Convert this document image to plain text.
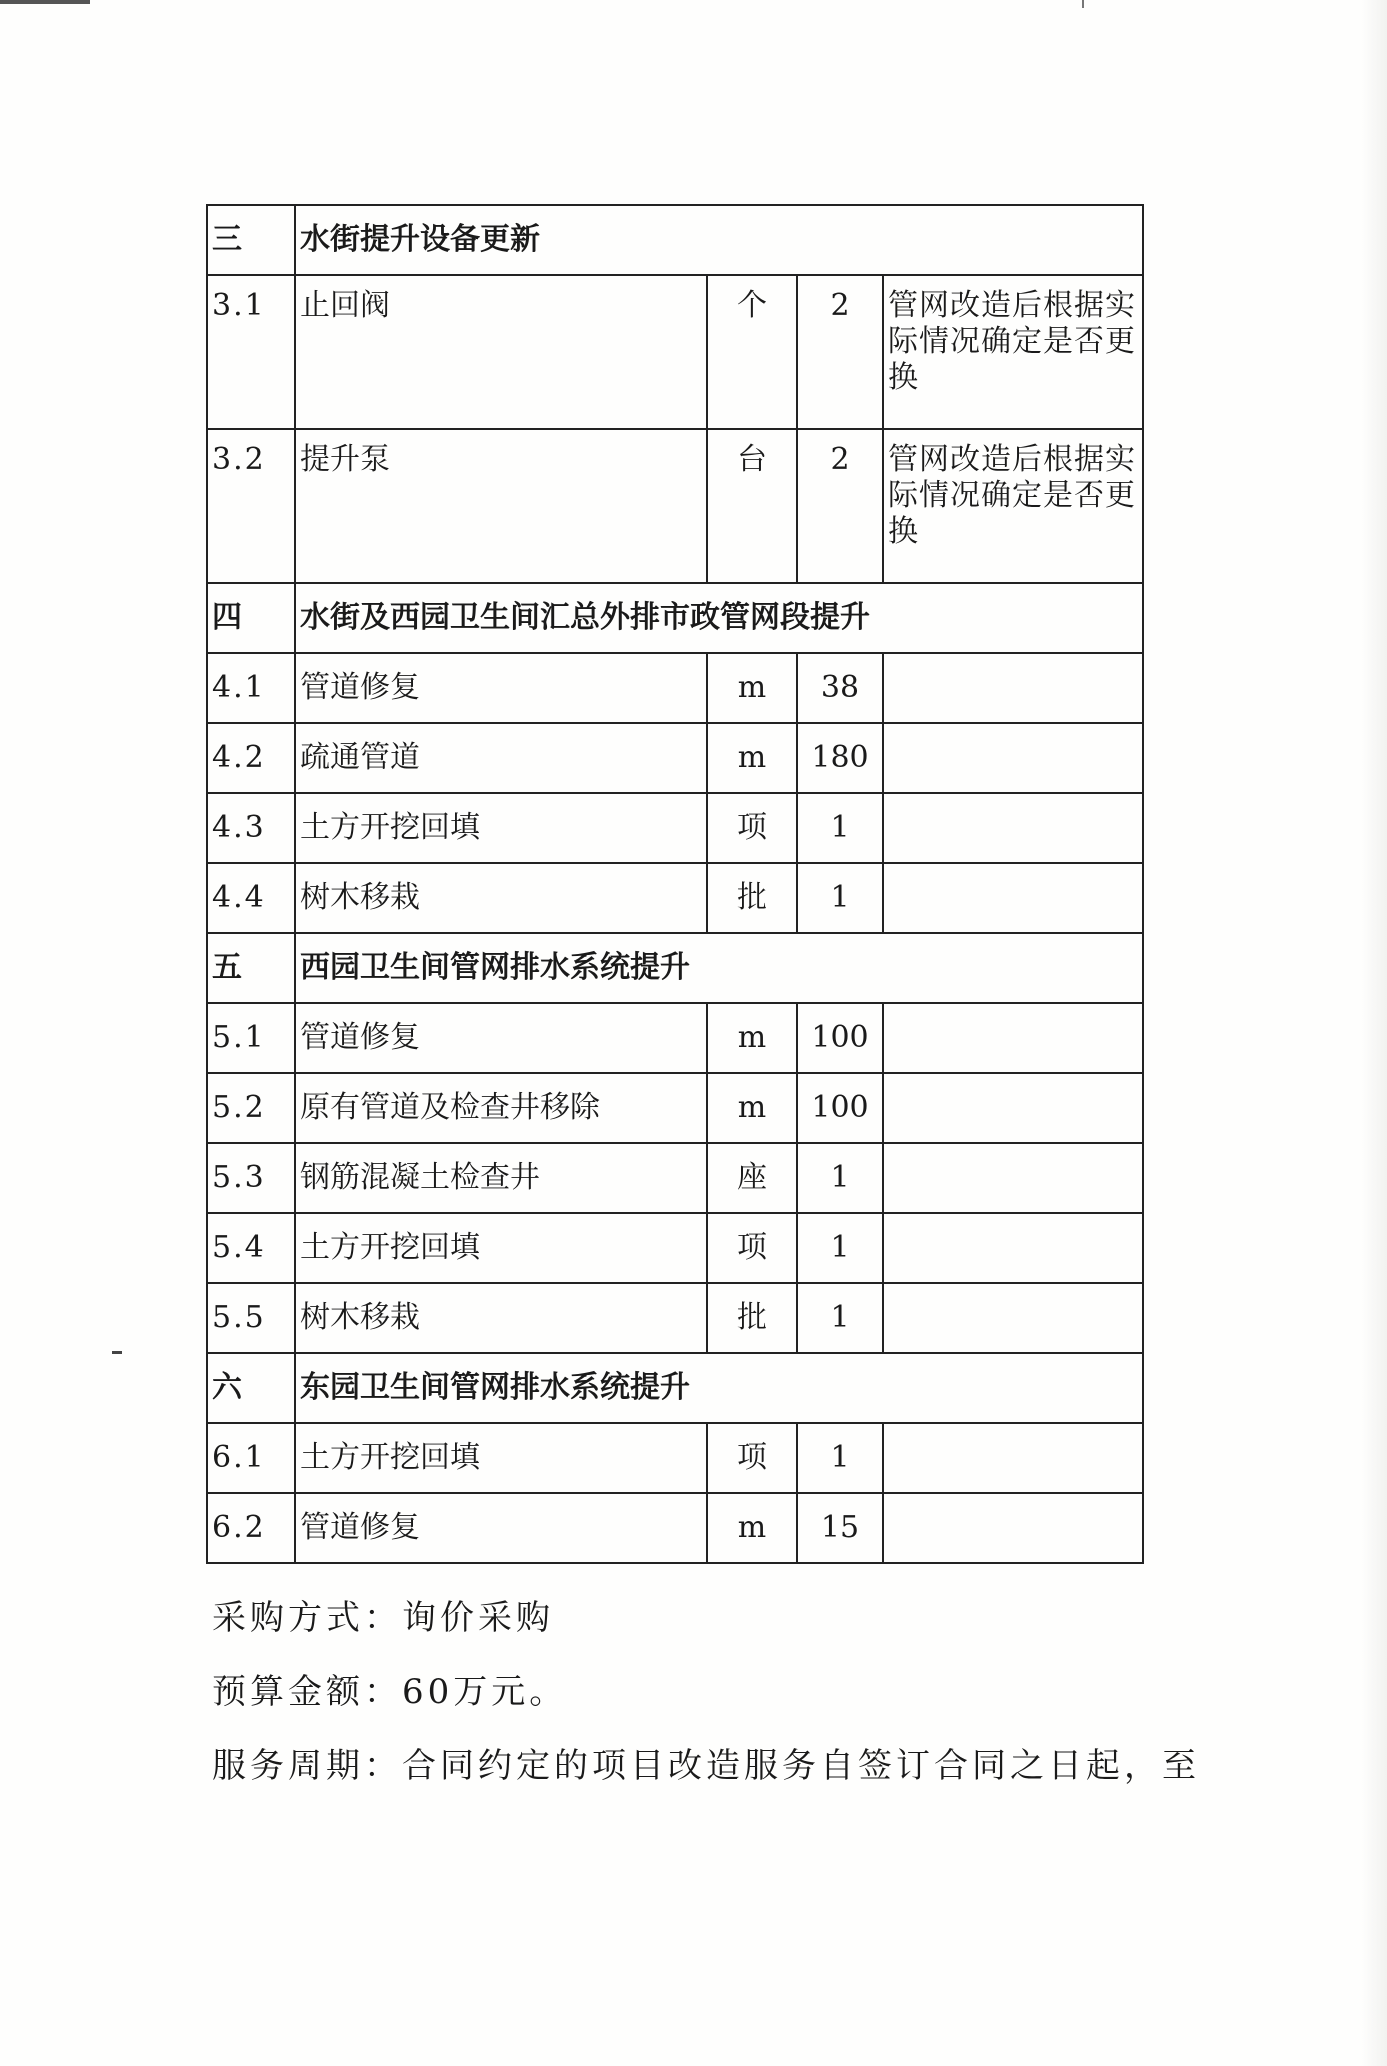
三	水街提升设备更新			
3.1	止回阀	个	2	管网改造后根据实际情况确定是否更换
3.2	提升泵	台	2	管网改造后根据实际情况确定是否更换
四	水街及西园卫生间汇总外排市政管网段提升			
4.1	管道修复	m	38	
4.2	疏通管道	m	180	
4.3	土方开挖回填	项	1	
4.4	树木移栽	批	1	
五	西园卫生间管网排水系统提升			
5.1	管道修复	m	100	
5.2	原有管道及检查井移除	m	100	
5.3	钢筋混凝土检查井	座	1	
5.4	土方开挖回填	项	1	
5.5	树木移栽	批	1	
六	东园卫生间管网排水系统提升			
6.1	土方开挖回填	项	1	
6.2	管道修复	m	15	
采购方式：询价采购
预算金额：60万元。
服务周期：合同约定的项目改造服务自签订合同之日起，至
